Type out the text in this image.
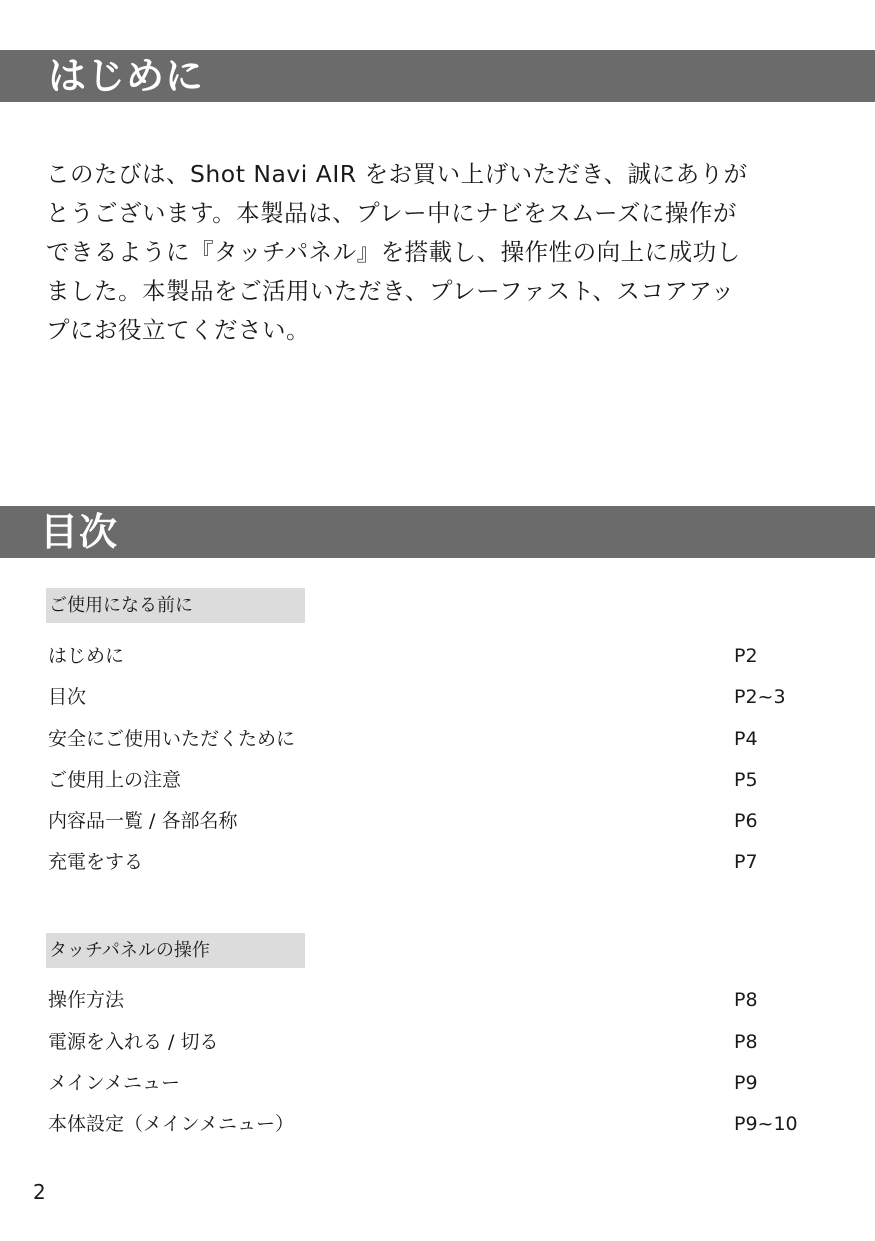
はじめに

このたびは、Shot Navi AIR をお買い上げいただき、誠にありが
とうございます。本製品は、プレー中にナビをスムーズに操作が
できるように『タッチパネル』を搭載し、操作性の向上に成功し
ました。本製品をご活用いただき、プレーファスト、スコアアッ
プにお役立てください。

目次
ご使用になる前に
はじめに	P2
目次	P2~3
安全にご使用いただくために	P4
ご使用上の注意	P5
内容品一覧 / 各部名称	P6
充電をする	P7
タッチパネルの操作
操作方法	P8
電源を入れる / 切る	P8
メインメニュー	P9
本体設定（メインメニュー）	P9~10
2
